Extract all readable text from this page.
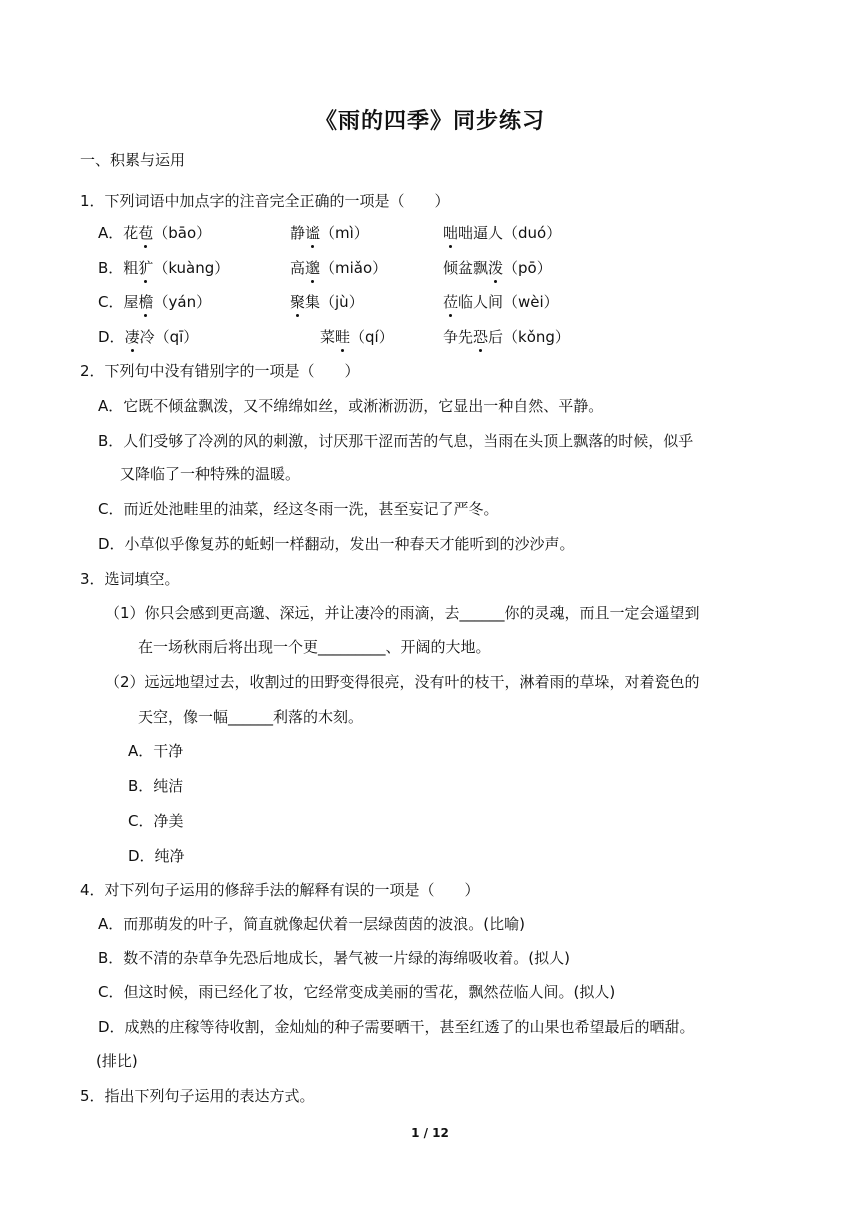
《雨的四季》同步练习
一、积累与运用
1．下列词语中加点字的注音完全正确的一项是（　　）
A．花苞（bāo）	静谧（mì）	咄咄逼人（duó）
B．粗犷（kuàng）	高邈（miǎo）	倾盆飘泼（pō）
C．屋檐（yán）	聚集（jù）	莅临人间（wèi）
D．凄冷（qī）	菜畦（qí）	争先恐后（kǒng）
2．下列句中没有错别字的一项是（　　）
A．它既不倾盆飘泼，又不绵绵如丝，或淅淅沥沥，它显出一种自然、平静。
B．人们受够了冷冽的风的刺激，讨厌那干涩而苦的气息，当雨在头顶上飘落的时候，似乎
又降临了一种特殊的温暖。
C．而近处池畦里的油菜，经这冬雨一洗，甚至妄记了严冬。
D．小草似乎像复苏的蚯蚓一样翻动，发出一种春天才能听到的沙沙声。
3．选词填空。
（1）你只会感到更高邈、深远，并让凄冷的雨滴，去______你的灵魂，而且一定会遥望到
在一场秋雨后将出现一个更_________、开阔的大地。
（2）远远地望过去，收割过的田野变得很亮，没有叶的枝干，淋着雨的草垛，对着瓷色的
天空，像一幅______利落的木刻。
A．干净
B．纯洁
C．净美
D．纯净
4．对下列句子运用的修辞手法的解释有误的一项是（　　）
A．而那萌发的叶子，简直就像起伏着一层绿茵茵的波浪。(比喻)
B．数不清的杂草争先恐后地成长，暑气被一片绿的海绵吸收着。(拟人)
C．但这时候，雨已经化了妆，它经常变成美丽的雪花，飘然莅临人间。(拟人)
D．成熟的庄稼等待收割，金灿灿的种子需要晒干，甚至红透了的山果也希望最后的晒甜。
(排比)
5．指出下列句子运用的表达方式。
1 / 12
